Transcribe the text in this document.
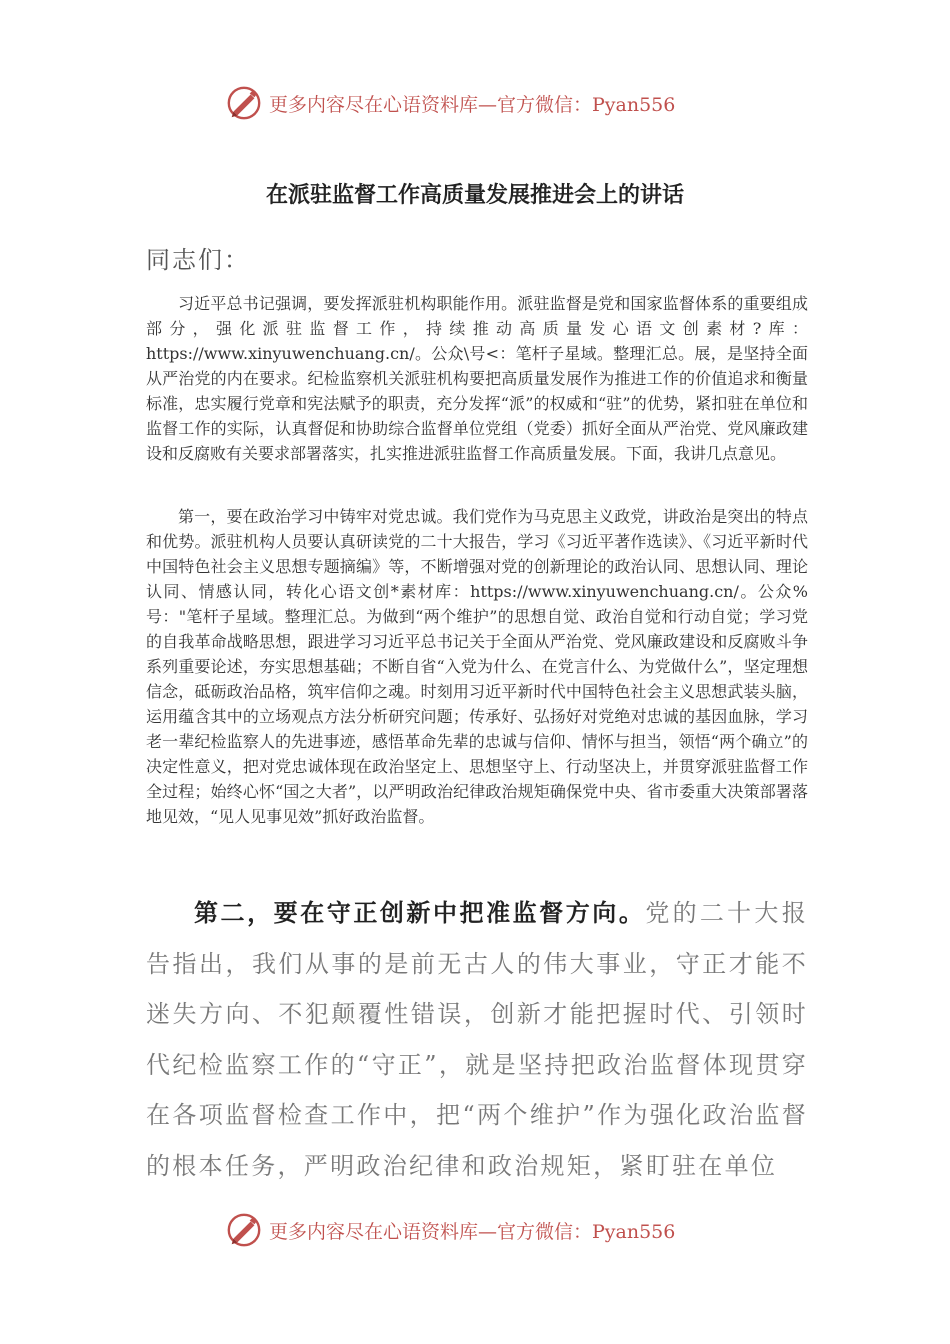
更多内容尽在心语资料库—官方微信：Pyan556
在派驻监督工作高质量发展推进会上的讲话
同志们：

习近平总书记强调，要发挥派驻机构职能作用。派驻监督是党和国家监督体系的重要组成部分，强化派驻监督工作，持续推动高质量发心语文创素材?库：https://www.xinyuwenchuang.cn/。公众\号<：笔杆子星域。整理汇总。展，是坚持全面从严治党的内在要求。纪检监察机关派驻机构要把高质量发展作为推进工作的价值追求和衡量标准，忠实履行党章和宪法赋予的职责，充分发挥“派”的权威和“驻”的优势，紧扣驻在单位和监督工作的实际，认真督促和协助综合监督单位党组（党委）抓好全面从严治党、党风廉政建设和反腐败有关要求部署落实，扎实推进派驻监督工作高质量发展。下面，我讲几点意见。

第一，要在政治学习中铸牢对党忠诚。我们党作为马克思主义政党，讲政治是突出的特点和优势。派驻机构人员要认真研读党的二十大报告，学习《习近平著作选读》、《习近平新时代中国特色社会主义思想专题摘编》等，不断增强对党的创新理论的政治认同、思想认同、理论认同、情感认同，转化心语文创*素材库：https://www.xinyuwenchuang.cn/。公众%号："笔杆子星域。整理汇总。为做到“两个维护”的思想自觉、政治自觉和行动自觉；学习党的自我革命战略思想，跟进学习习近平总书记关于全面从严治党、党风廉政建设和反腐败斗争系列重要论述，夯实思想基础；不断自省“入党为什么、在党言什么、为党做什么”，坚定理想信念，砥砺政治品格，筑牢信仰之魂。时刻用习近平新时代中国特色社会主义思想武装头脑，运用蕴含其中的立场观点方法分析研究问题；传承好、弘扬好对党绝对忠诚的基因血脉，学习老一辈纪检监察人的先进事迹，感悟革命先辈的忠诚与信仰、情怀与担当，领悟“两个确立”的决定性意义，把对党忠诚体现在政治坚定上、思想坚守上、行动坚决上，并贯穿派驻监督工作全过程；始终心怀“国之大者”，以严明政治纪律政治规矩确保党中央、省市委重大决策部署落地见效，“见人见事见效”抓好政治监督。

第二，要在守正创新中把准监督方向。党的二十大报告指出，我们从事的是前无古人的伟大事业，守正才能不迷失方向、不犯颠覆性错误，创新才能把握时代、引领时代纪检监察工作的“守正”，就是坚持把政治监督体现贯穿在各项监督检查工作中，把“两个维护”作为强化政治监督的根本任务，严明政治纪律和政治规矩，紧盯驻在单位

更多内容尽在心语资料库—官方微信：Pyan556
